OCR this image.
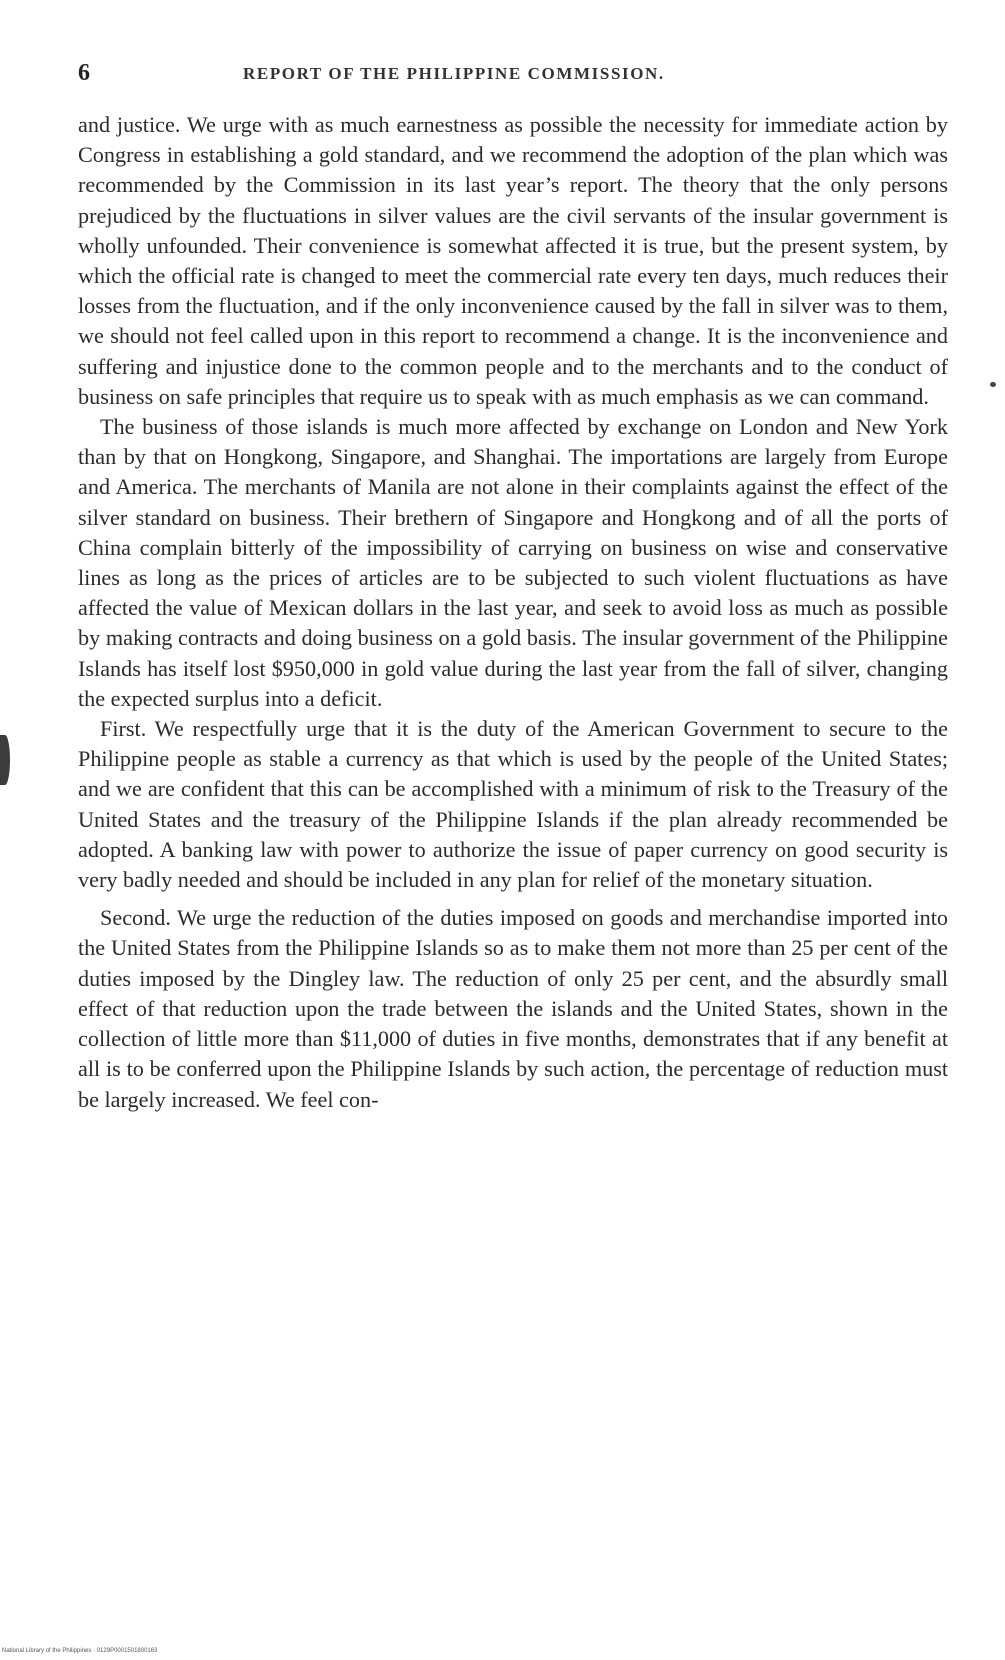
6	REPORT OF THE PHILIPPINE COMMISSION.

and justice. We urge with as much earnestness as possible the necessity for immediate action by Congress in establishing a gold standard, and we recommend the adoption of the plan which was recommended by the Commission in its last year’s report. The theory that the only persons prejudiced by the fluctuations in silver values are the civil servants of the insular government is wholly unfounded. Their convenience is somewhat affected it is true, but the present system, by which the official rate is changed to meet the commercial rate every ten days, much reduces their losses from the fluctuation, and if the only inconvenience caused by the fall in silver was to them, we should not feel called upon in this report to recommend a change. It is the inconvenience and suffering and injustice done to the common people and to the merchants and to the conduct of business on safe principles that require us to speak with as much emphasis as we can command.

The business of those islands is much more affected by exchange on London and New York than by that on Hongkong, Singapore, and Shanghai. The importations are largely from Europe and America. The merchants of Manila are not alone in their complaints against the effect of the silver standard on business. Their brethern of Singapore and Hongkong and of all the ports of China complain bitterly of the impossibility of carrying on business on wise and conservative lines as long as the prices of articles are to be subjected to such violent fluctuations as have affected the value of Mexican dollars in the last year, and seek to avoid loss as much as possible by making contracts and doing business on a gold basis. The insular government of the Philippine Islands has itself lost $950,000 in gold value during the last year from the fall of silver, changing the expected surplus into a deficit.

First. We respectfully urge that it is the duty of the American Government to secure to the Philippine people as stable a currency as that which is used by the people of the United States; and we are confident that this can be accomplished with a minimum of risk to the Treasury of the United States and the treasury of the Philippine Islands if the plan already recommended be adopted. A banking law with power to authorize the issue of paper currency on good security is very badly needed and should be included in any plan for relief of the monetary situation.

Second. We urge the reduction of the duties imposed on goods and merchandise imported into the United States from the Philippine Islands so as to make them not more than 25 per cent of the duties imposed by the Dingley law. The reduction of only 25 per cent, and the absurdly small effect of that reduction upon the trade between the islands and the United States, shown in the collection of little more than $11,000 of duties in five months, demonstrates that if any benefit at all is to be conferred upon the Philippine Islands by such action, the percentage of reduction must be largely increased. We feel con-

National Library of the Philippines · 0129P0001501800163
